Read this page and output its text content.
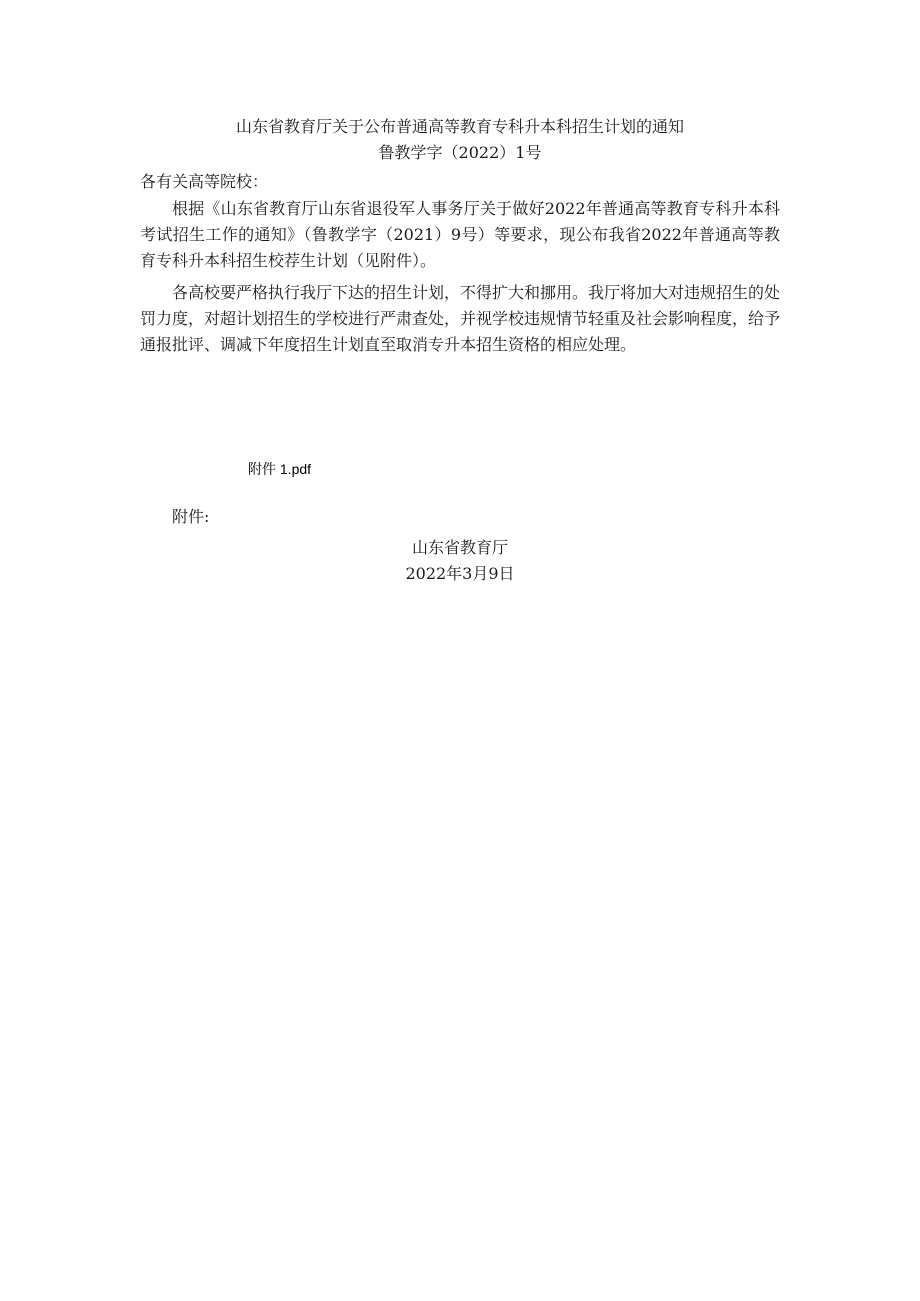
山东省教育厅关于公布普通高等教育专科升本科招生计划的通知
鲁教学字（2022）1号
各有关高等院校：
根据《山东省教育厅山东省退役军人事务厅关于做好2022年普通高等教育专科升本科考试招生工作的通知》（鲁教学字（2021）9号）等要求，现公布我省2022年普通高等教育专科升本科招生校荐生计划（见附件）。
各高校要严格执行我厅下达的招生计划，不得扩大和挪用。我厅将加大对违规招生的处罚力度，对超计划招生的学校进行严肃查处，并视学校违规情节轻重及社会影响程度，给予通报批评、调减下年度招生计划直至取消专升本招生资格的相应处理。
附件 1.pdf
附件:
山东省教育厅
2022年3月9日
